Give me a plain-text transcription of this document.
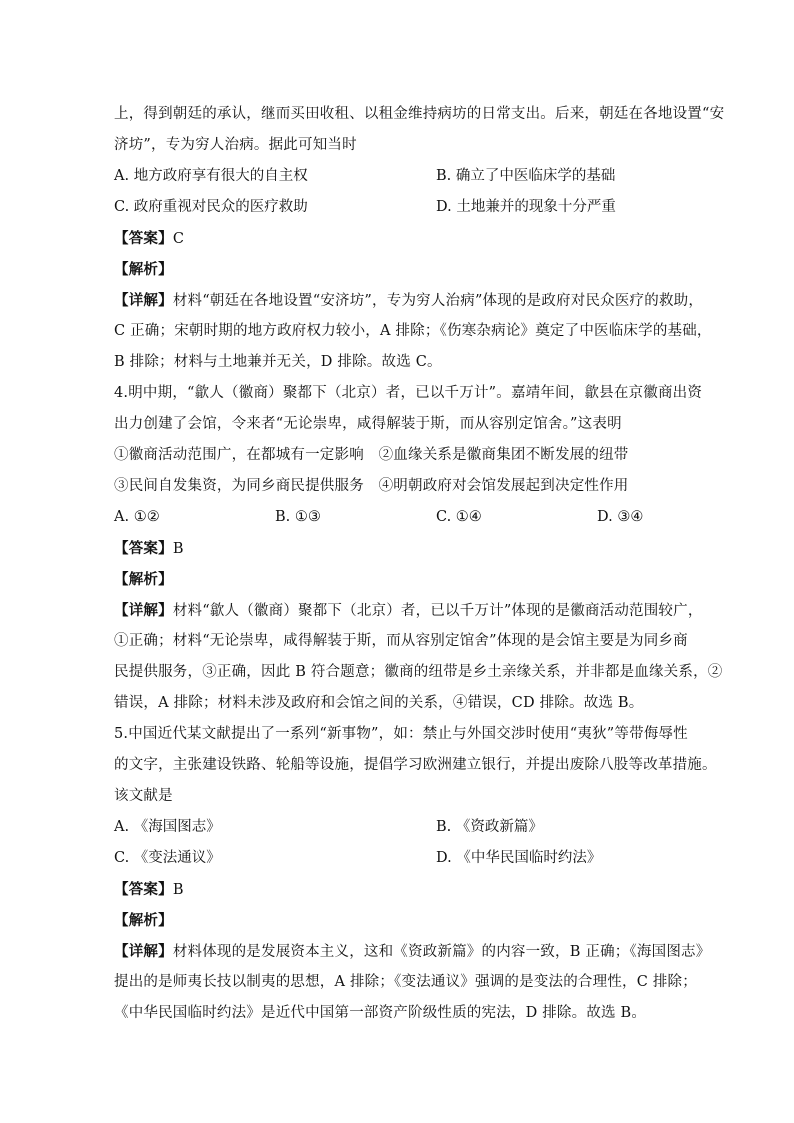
上，得到朝廷的承认，继而买田收租、以租金维持病坊的日常支出。后来，朝廷在各地设置“安
济坊”，专为穷人治病。据此可知当时
A. 地方政府享有很大的自主权	B. 确立了中医临床学的基础
C. 政府重视对民众的医疗救助	D. 土地兼并的现象十分严重
【答案】C
【解析】
【详解】材料“朝廷在各地设置“安济坊”，专为穷人治病”体现的是政府对民众医疗的救助，
C 正确；宋朝时期的地方政府权力较小，A 排除；《伤寒杂病论》奠定了中医临床学的基础，
B 排除；材料与土地兼并无关，D 排除。故选 C。
4.明中期，“歙人（徽商）聚都下（北京）者，已以千万计”。嘉靖年间，歙县在京徽商出资
出力创建了会馆，令来者“无论崇卑，咸得解装于斯，而从容别定馆舍。”这表明
①徽商活动范围广，在都城有一定影响　②血缘关系是徽商集团不断发展的纽带
③民间自发集资，为同乡商民提供服务　④明朝政府对会馆发展起到决定性作用
A. ①②	B. ①③	C. ①④	D. ③④
【答案】B
【解析】
【详解】材料“歙人（徽商）聚都下（北京）者，已以千万计”体现的是徽商活动范围较广，
①正确；材料“无论崇卑，咸得解装于斯，而从容别定馆舍”体现的是会馆主要是为同乡商
民提供服务，③正确，因此 B 符合题意；徽商的纽带是乡土亲缘关系，并非都是血缘关系，②
错误，A 排除；材料未涉及政府和会馆之间的关系，④错误，CD 排除。故选 B。
5.中国近代某文献提出了一系列“新事物”，如：禁止与外国交涉时使用“夷狄”等带侮辱性
的文字，主张建设铁路、轮船等设施，提倡学习欧洲建立银行，并提出废除八股等改革措施。
该文献是
A. 《海国图志》	B. 《资政新篇》
C. 《变法通议》	D. 《中华民国临时约法》
【答案】B
【解析】
【详解】材料体现的是发展资本主义，这和《资政新篇》的内容一致，B 正确；《海国图志》
提出的是师夷长技以制夷的思想，A 排除；《变法通议》强调的是变法的合理性，C 排除；
《中华民国临时约法》是近代中国第一部资产阶级性质的宪法，D 排除。故选 B。
